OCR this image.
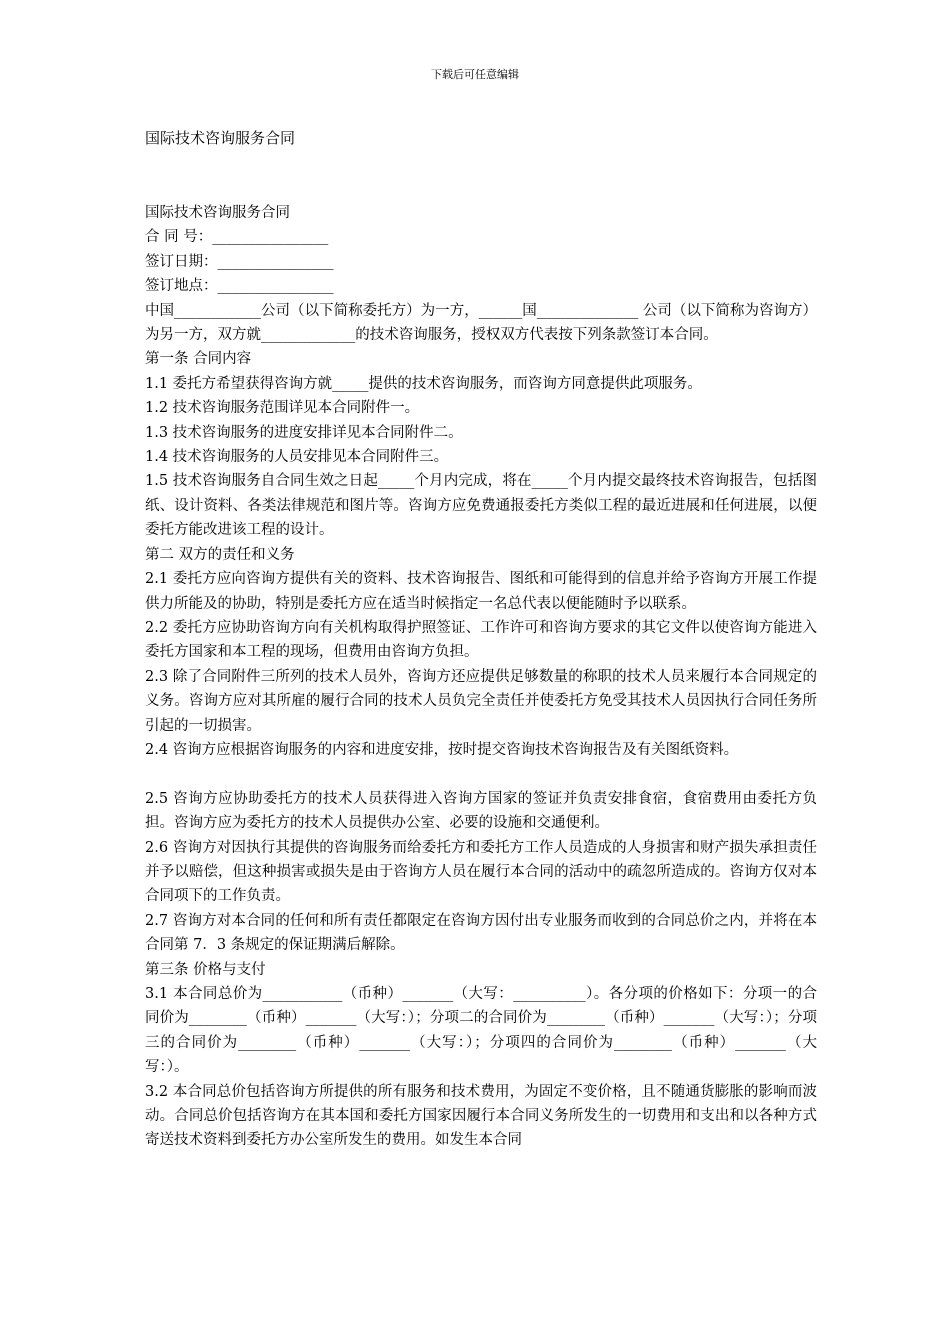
下载后可任意编辑
国际技术咨询服务合同

国际技术咨询服务合同

合 同 号：________________

签订日期：________________

签订地点：________________

中国____________公司（以下简称委托方）为一方，______国______________ 公司（以下简称为咨询方）为另一方，双方就_____________的技术咨询服务，授权双方代表按下列条款签订本合同。

第一条 合同内容

1.1 委托方希望获得咨询方就_____提供的技术咨询服务，而咨询方同意提供此项服务。

1.2 技术咨询服务范围详见本合同附件一。

1.3 技术咨询服务的进度安排详见本合同附件二。

1.4 技术咨询服务的人员安排见本合同附件三。

1.5 技术咨询服务自合同生效之日起_____个月内完成，将在_____个月内提交最终技术咨询报告，包括图纸、设计资料、各类法律规范和图片等。咨询方应免费通报委托方类似工程的最近进展和任何进展，以便委托方能改进该工程的设计。

第二 双方的责任和义务

2.1 委托方应向咨询方提供有关的资料、技术咨询报告、图纸和可能得到的信息并给予咨询方开展工作提供力所能及的协助，特别是委托方应在适当时候指定一名总代表以便能随时予以联系。

2.2 委托方应协助咨询方向有关机构取得护照签证、工作许可和咨询方要求的其它文件以使咨询方能进入委托方国家和本工程的现场，但费用由咨询方负担。

2.3 除了合同附件三所列的技术人员外，咨询方还应提供足够数量的称职的技术人员来履行本合同规定的义务。咨询方应对其所雇的履行合同的技术人员负完全责任并使委托方免受其技术人员因执行合同任务所引起的一切损害。

2.4 咨询方应根据咨询服务的内容和进度安排，按时提交咨询技术咨询报告及有关图纸资料。

2.5 咨询方应协助委托方的技术人员获得进入咨询方国家的签证并负责安排食宿，食宿费用由委托方负担。咨询方应为委托方的技术人员提供办公室、必要的设施和交通便利。

2.6 咨询方对因执行其提供的咨询服务而给委托方和委托方工作人员造成的人身损害和财产损失承担责任并予以赔偿，但这种损害或损失是由于咨询方人员在履行本合同的活动中的疏忽所造成的。咨询方仅对本合同项下的工作负责。

2.7 咨询方对本合同的任何和所有责任都限定在咨询方因付出专业服务而收到的合同总价之内，并将在本合同第 7．3 条规定的保证期满后解除。

第三条 价格与支付

3.1 本合同总价为___________（币种）_______（大写：__________）。各分项的价格如下：分项一的合同价为________（币种）_______（大写：）；分项二的合同价为________（币种）_______（大写：）；分项三的合同价为________（币种）_______（大写：）；分项四的合同价为________（币种）_______（大写：）。

3.2 本合同总价包括咨询方所提供的所有服务和技术费用，为固定不变价格，且不随通货膨胀的影响而波动。合同总价包括咨询方在其本国和委托方国家因履行本合同义务所发生的一切费用和支出和以各种方式寄送技术资料到委托方办公室所发生的费用。如发生本合同
